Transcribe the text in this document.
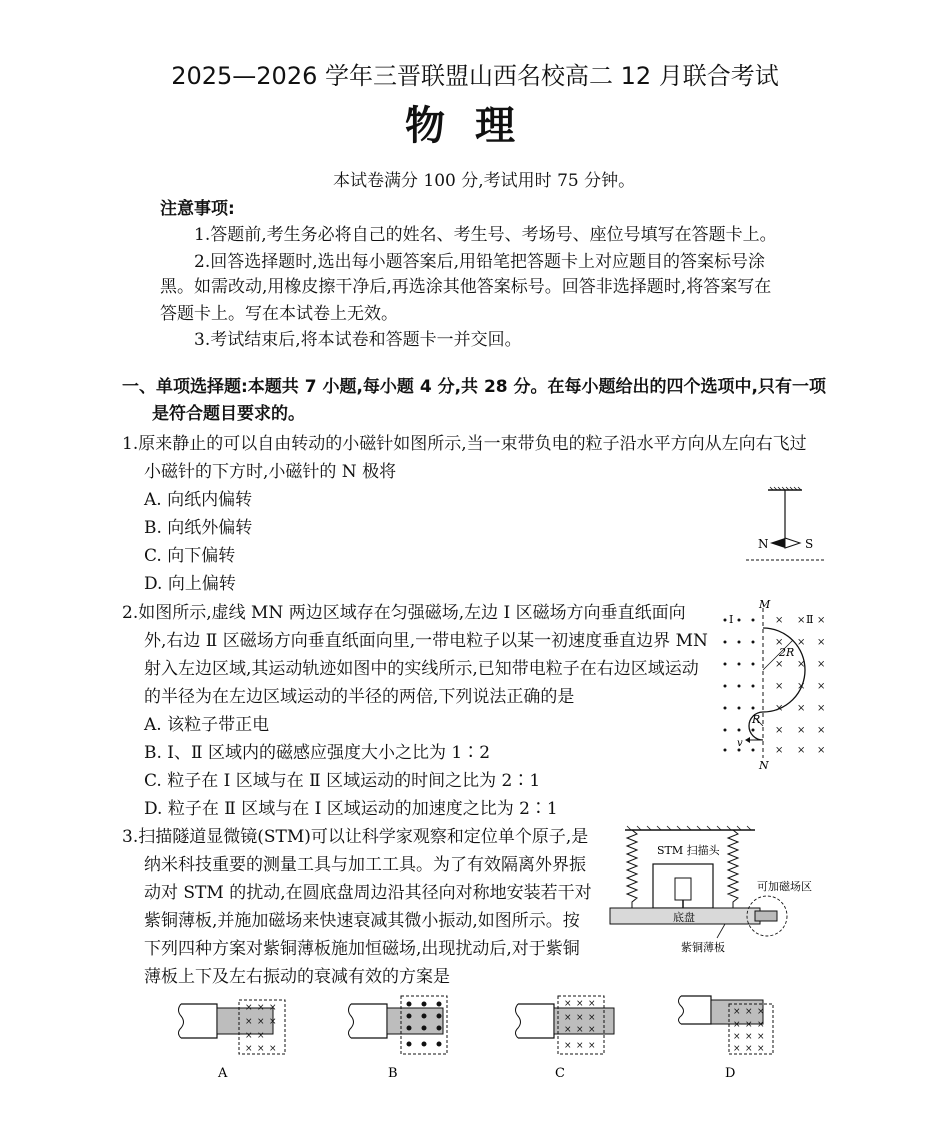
2025—2026 学年三晋联盟山西名校高二 12 月联合考试
物理
本试卷满分 100 分,考试用时 75 分钟。
注意事项:
1.答题前,考生务必将自己的姓名、考生号、考场号、座位号填写在答题卡上。
2.回答选择题时,选出每小题答案后,用铅笔把答题卡上对应题目的答案标号涂
黑。如需改动,用橡皮擦干净后,再选涂其他答案标号。回答非选择题时,将答案写在
答题卡上。写在本试卷上无效。
3.考试结束后,将本试卷和答题卡一并交回。
一、单项选择题:本题共 7 小题,每小题 4 分,共 28 分。在每小题给出的四个选项中,只有一项
是符合题目要求的。
1.原来静止的可以自由转动的小磁针如图所示,当一束带负电的粒子沿水平方向从左向右飞过
小磁针的下方时,小磁针的 N 极将
A. 向纸内偏转
B. 向纸外偏转
C. 向下偏转
D. 向上偏转
N	S
2.如图所示,虚线 MN 两边区域存在匀强磁场,左边 Ⅰ 区磁场方向垂直纸面向
外,右边 Ⅱ 区磁场方向垂直纸面向里,一带电粒子以某一初速度垂直边界 MN
射入左边区域,其运动轨迹如图中的实线所示,已知带电粒子在右边区域运动
的半径为在左边区域运动的半径的两倍,下列说法正确的是
A. 该粒子带正电
B. Ⅰ、Ⅱ 区域内的磁感应强度大小之比为 1∶2
C. 粒子在 Ⅰ 区域与在 Ⅱ 区域运动的时间之比为 2∶1
D. 粒子在 Ⅱ 区域与在 Ⅰ 区域运动的加速度之比为 2∶1
× × ×
× × ×
× × ×
× × ×
× × ×
× × ×
× × ×
M
N
Ⅰ	Ⅱ
2R
R
v
3.扫描隧道显微镜(STM)可以让科学家观察和定位单个原子,是
纳米科技重要的测量工具与加工工具。为了有效隔离外界振
动对 STM 的扰动,在圆底盘周边沿其径向对称地安装若干对
紫铜薄板,并施加磁场来快速衰减其微小振动,如图所示。按
下列四种方案对紫铜薄板施加恒磁场,出现扰动后,对于紫铜
薄板上下及左右振动的衰减有效的方案是
STM 扫描头
底盘
可加磁场区
紫铜薄板
× × ×
× × ×
× ×
× × ×
A	B
× × ×
× × ×
× × ×
× × ×
C
× × ×
× × ×
× × ×
× × ×
D
